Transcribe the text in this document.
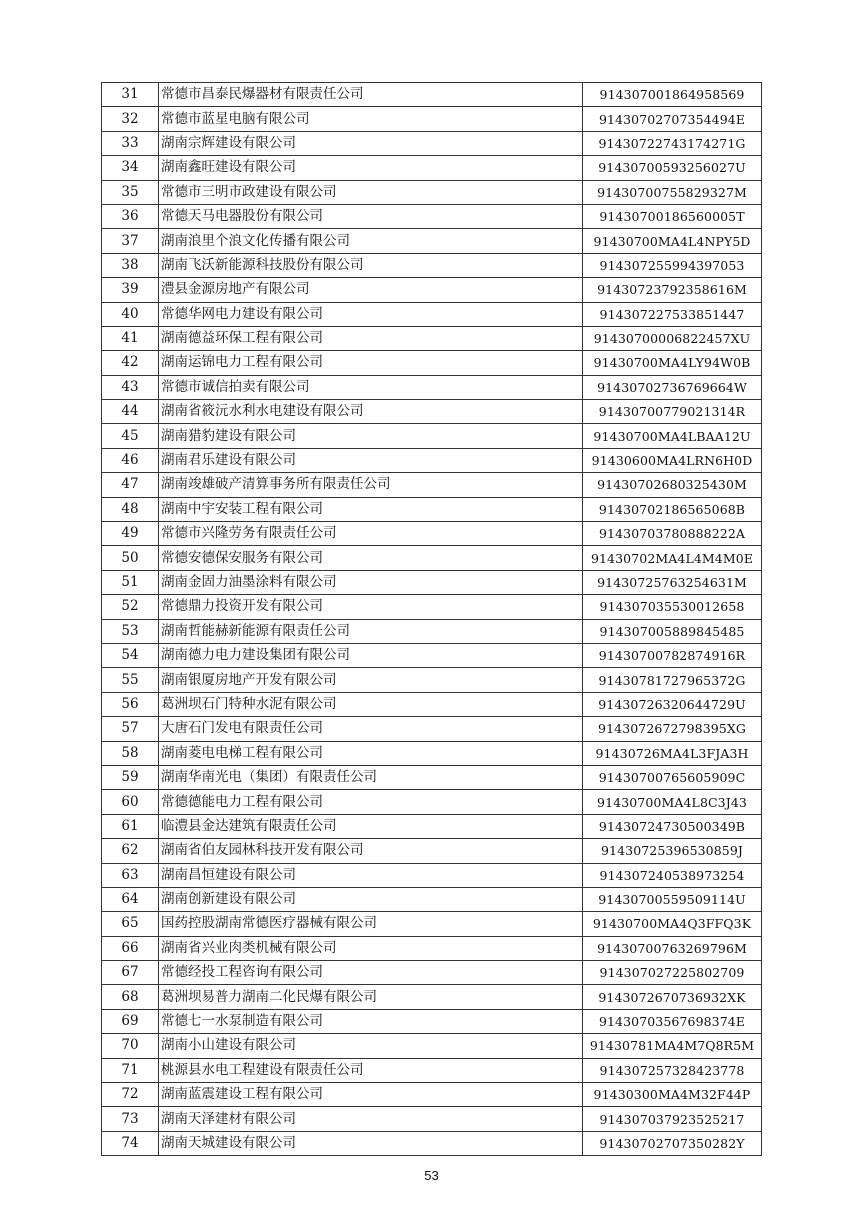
31	常德市昌泰民爆器材有限责任公司	914307001864958569
32	常德市蓝星电脑有限公司	91430702707354494E
33	湖南宗辉建设有限公司	91430722743174271G
34	湖南鑫旺建设有限公司	91430700593256027U
35	常德市三明市政建设有限公司	91430700755829327M
36	常德天马电器股份有限公司	91430700186560005T
37	湖南浪里个浪文化传播有限公司	91430700MA4L4NPY5D
38	湖南飞沃新能源科技股份有限公司	914307255994397053
39	澧县金源房地产有限公司	91430723792358616M
40	常德华网电力建设有限公司	914307227533851447
41	湖南德益环保工程有限公司	91430700006822457XU
42	湖南运锦电力工程有限公司	91430700MA4LY94W0B
43	常德市诚信拍卖有限公司	91430702736769664W
44	湖南省筱沅水利水电建设有限公司	91430700779021314R
45	湖南猎豹建设有限公司	91430700MA4LBAA12U
46	湖南君乐建设有限公司	91430600MA4LRN6H0D
47	湖南竣雄破产清算事务所有限责任公司	91430702680325430M
48	湖南中宇安装工程有限公司	91430702186565068B
49	常德市兴隆劳务有限责任公司	91430703780888222A
50	常德安德保安服务有限公司	91430702MA4L4M4M0E
51	湖南金固力油墨涂料有限公司	91430725763254631M
52	常德鼎力投资开发有限公司	914307035530012658
53	湖南哲能赫新能源有限责任公司	914307005889845485
54	湖南德力电力建设集团有限公司	91430700782874916R
55	湖南银厦房地产开发有限公司	91430781727965372G
56	葛洲坝石门特种水泥有限公司	91430726320644729U
57	大唐石门发电有限责任公司	91430726727983​95XG
58	湖南菱电电梯工程有限公司	91430726MA4L3FJA3H
59	湖南华南光电（集团）有限责任公司	91430700765605909C
60	常德德能电力工程有限公司	91430700MA4L8C3J43
61	临澧县金达建筑有限责任公司	91430724730500349B
62	湖南省伯友园林科技开发有限公司	91430725396530859J
63	湖南昌恒建设有限公司	914307240538973254
64	湖南创新建设有限公司	91430700559509114U
65	国药控股湖南常德医疗器械有限公司	91430700MA4Q3FFQ3K
66	湖南省兴业肉类机械有限公司	91430700763269796M
67	常德经投工程咨询有限公司	914307027225802709
68	葛洲坝易普力湖南二化民爆有限公司	914307267073693​2XK
69	常德七一水泵制造有限公司	91430703567698374E
70	湖南小山建设有限公司	91430781MA4M7Q8R5M
71	桃源县水电工程建设有限责任公司	914307257328423778
72	湖南蓝震建设工程有限公司	91430300MA4M32F44P
73	湖南天泽建材有限公司	914307037923525217
74	湖南天城建设有限公司	91430702707350282Y
53
